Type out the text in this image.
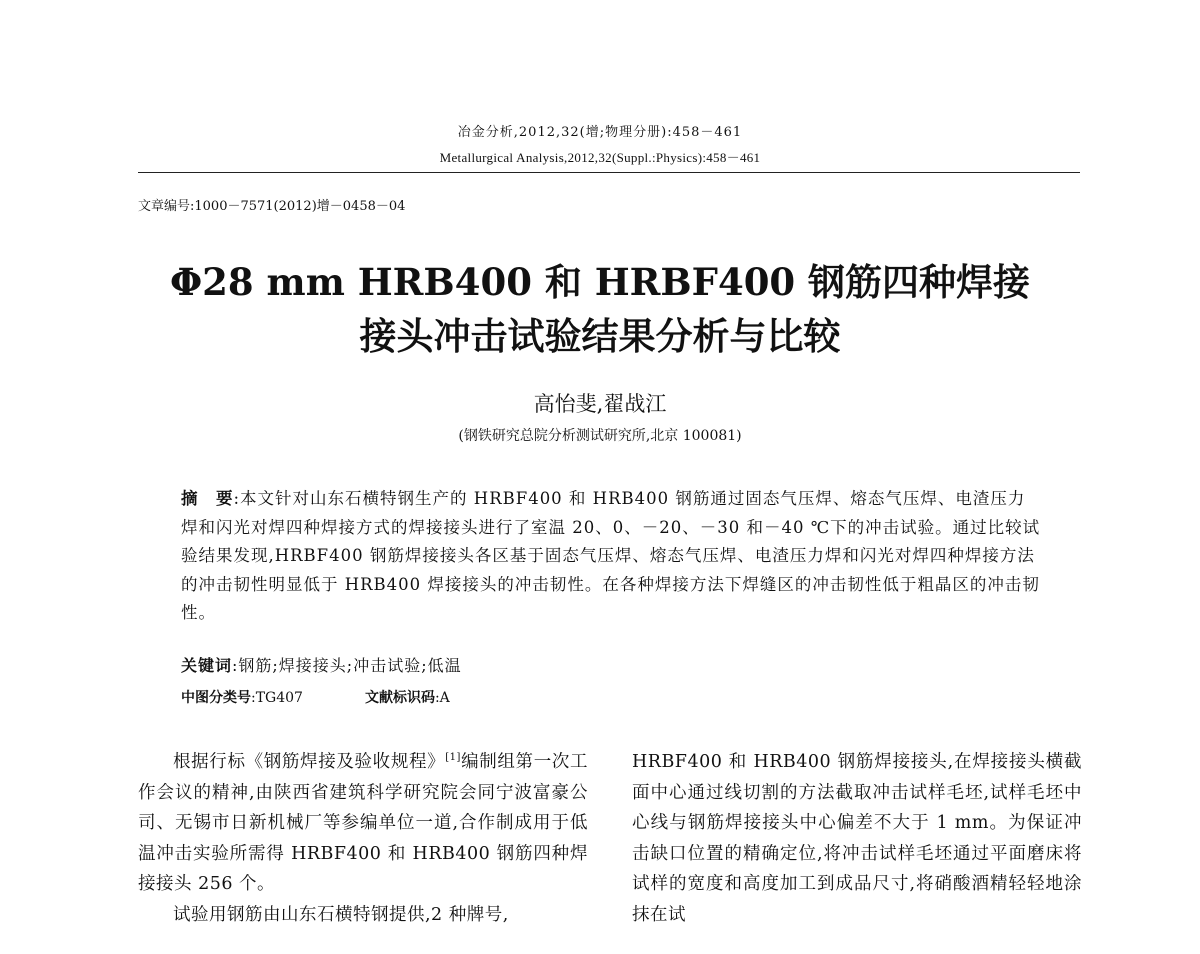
冶金分析,2012,32(增;物理分册):458－461
Metallurgical Analysis,2012,32(Suppl.:Physics):458－461
文章编号:1000－7571(2012)增－0458－04
Φ28 mm HRB400 和 HRBF400 钢筋四种焊接
接头冲击试验结果分析与比较
高怡斐,翟战江
(钢铁研究总院分析测试研究所,北京 100081)
摘　要:本文针对山东石横特钢生产的 HRBF400 和 HRB400 钢筋通过固态气压焊、熔态气压焊、电渣压力焊和闪光对焊四种焊接方式的焊接接头进行了室温 20、0、－20、－30 和－40 ℃下的冲击试验。通过比较试验结果发现,HRBF400 钢筋焊接接头各区基于固态气压焊、熔态气压焊、电渣压力焊和闪光对焊四种焊接方法的冲击韧性明显低于 HRB400 焊接接头的冲击韧性。在各种焊接方法下焊缝区的冲击韧性低于粗晶区的冲击韧性。
关键词:钢筋;焊接接头;冲击试验;低温
中图分类号:TG407	文献标识码:A

根据行标《钢筋焊接及验收规程》[1]编制组第一次工作会议的精神,由陕西省建筑科学研究院会同宁波富豪公司、无锡市日新机械厂等参编单位一道,合作制成用于低温冲击实验所需得 HRBF400 和 HRB400 钢筋四种焊接接头 256 个。

试验用钢筋由山东石横特钢提供,2 种牌号,

HRBF400 和 HRB400 钢筋焊接接头,在焊接接头横截面中心通过线切割的方法截取冲击试样毛坯,试样毛坯中心线与钢筋焊接接头中心偏差不大于 1 mm。为保证冲击缺口位置的精确定位,将冲击试样毛坯通过平面磨床将试样的宽度和高度加工到成品尺寸,将硝酸酒精轻轻地涂抹在试
